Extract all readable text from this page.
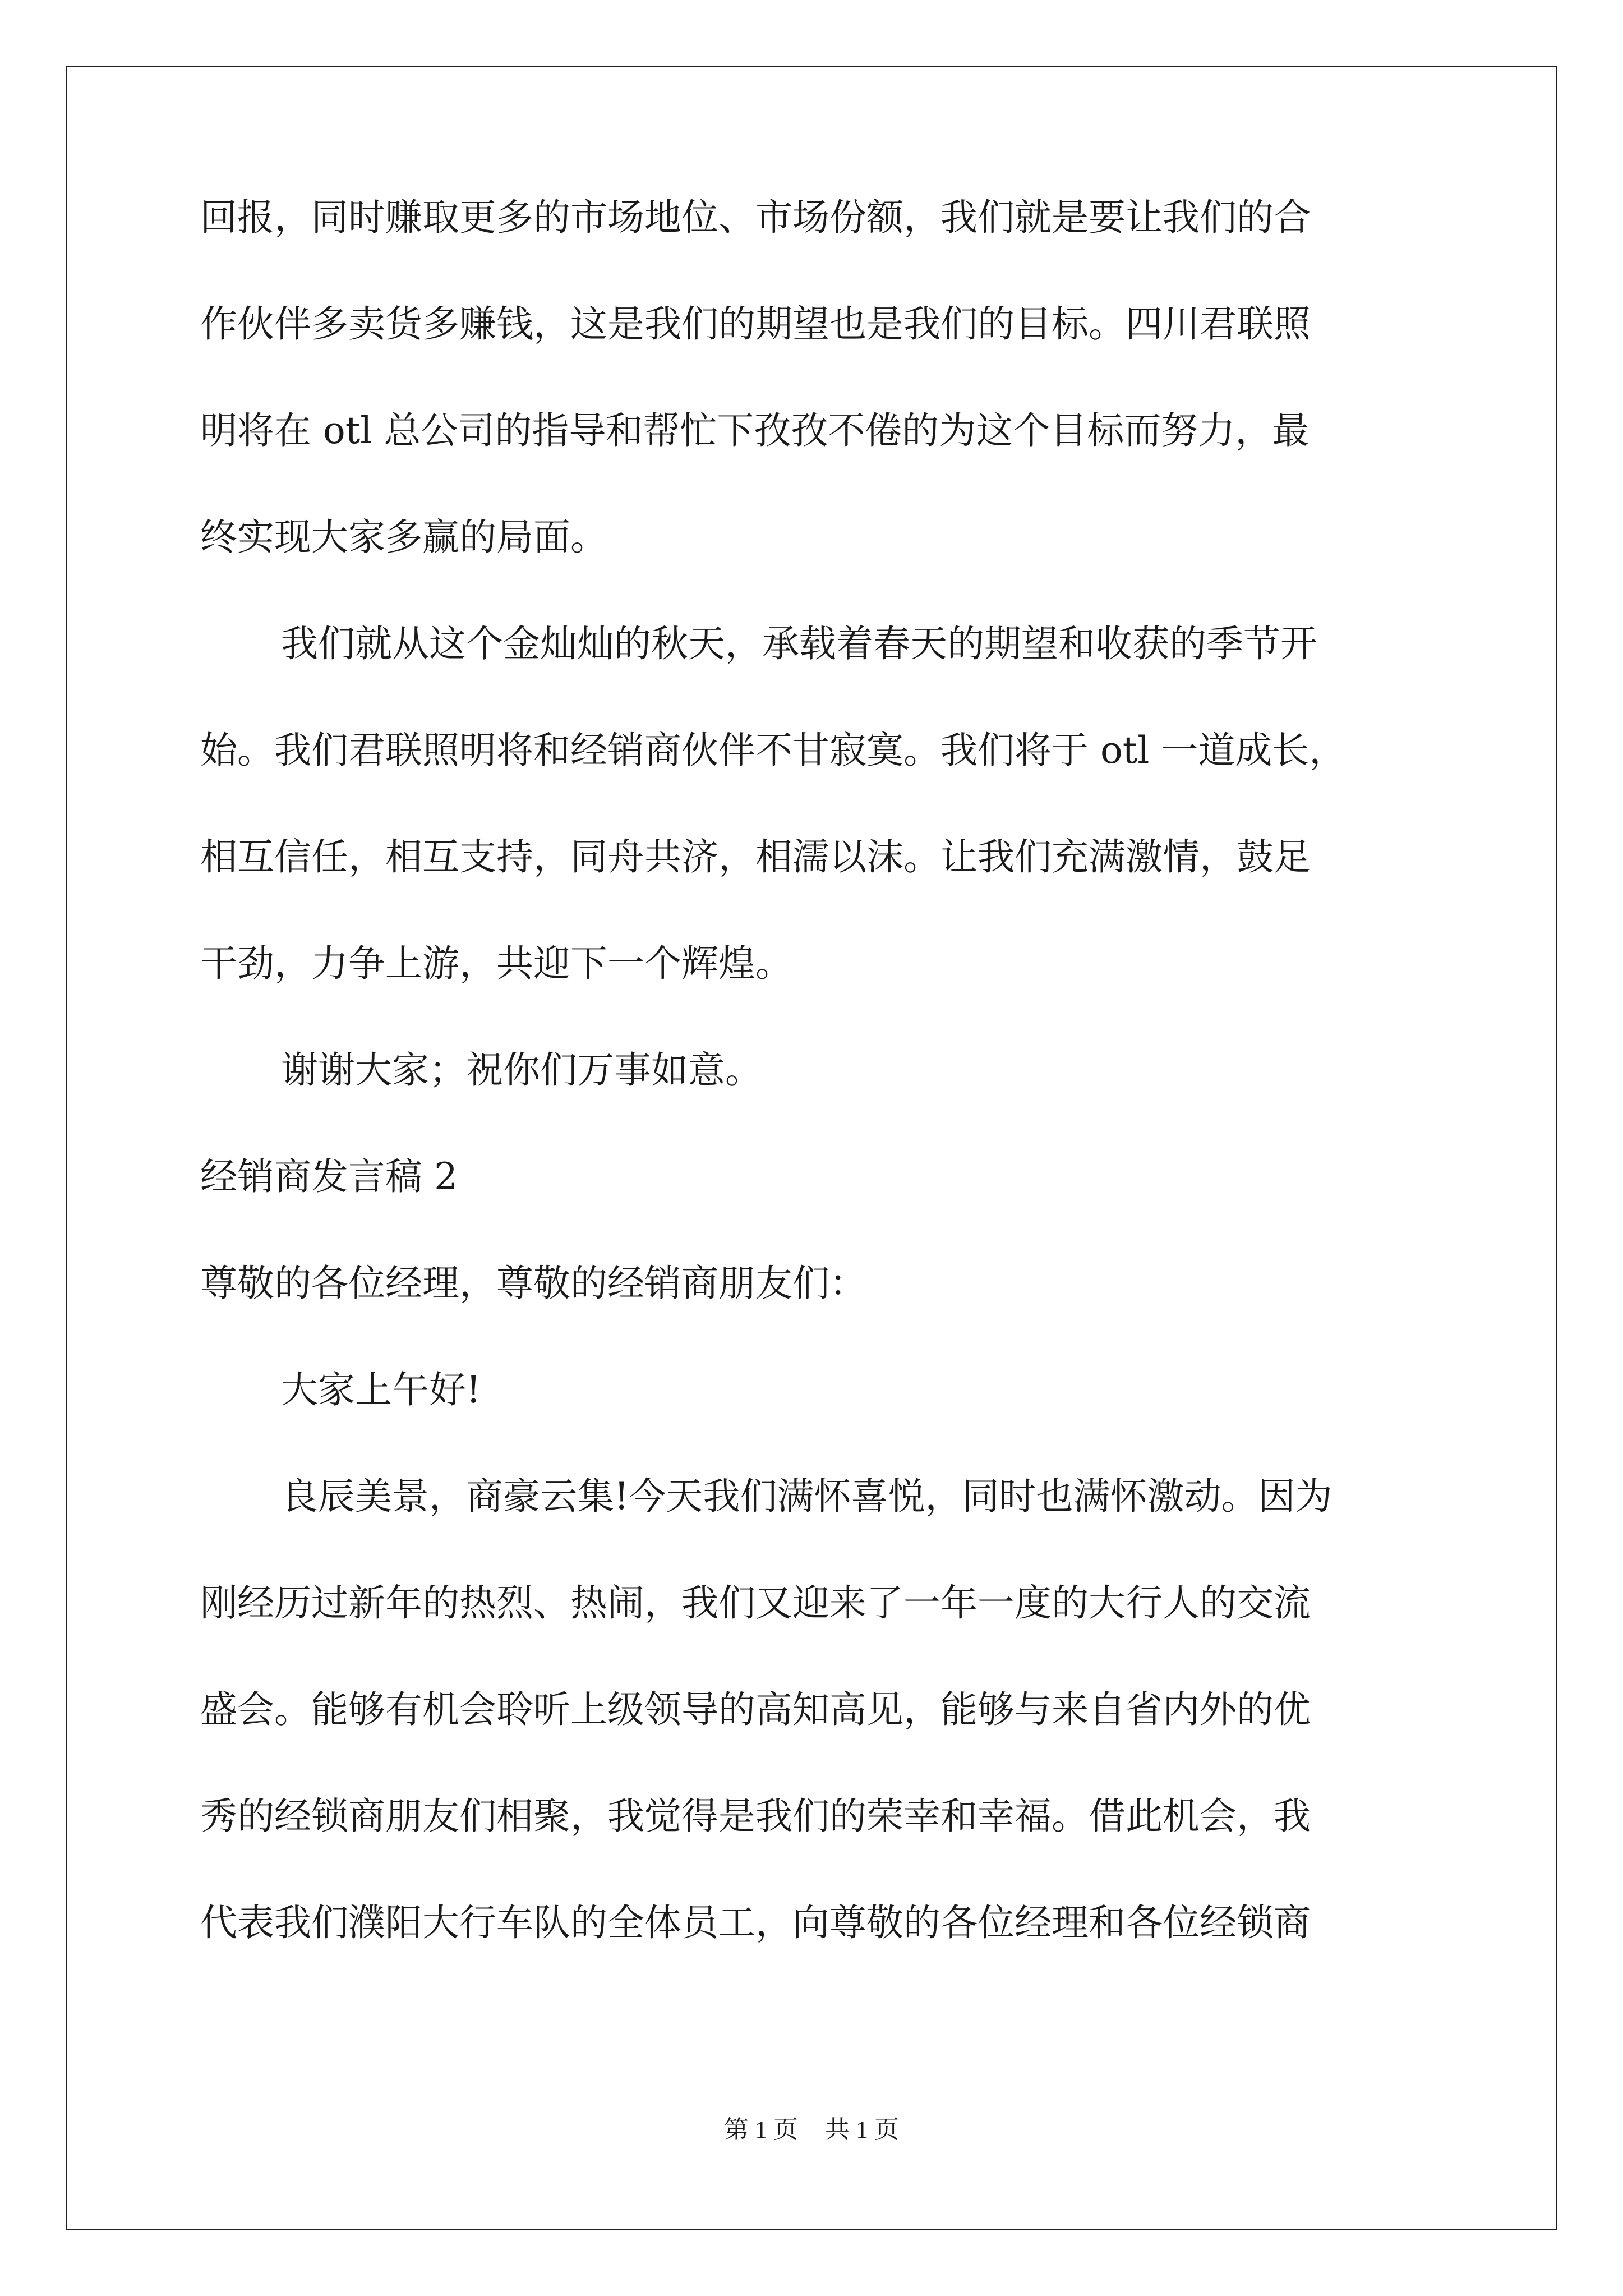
回报，同时赚取更多的市场地位、市场份额，我们就是要让我们的合
作伙伴多卖货多赚钱，这是我们的期望也是我们的目标。四川君联照
明将在 otl 总公司的指导和帮忙下孜孜不倦的为这个目标而努力，最
终实现大家多赢的局面。
我们就从这个金灿灿的秋天，承载着春天的期望和收获的季节开
始。我们君联照明将和经销商伙伴不甘寂寞。我们将于 otl 一道成长，
相互信任，相互支持，同舟共济，相濡以沫。让我们充满激情，鼓足
干劲，力争上游，共迎下一个辉煌。
谢谢大家；祝你们万事如意。
经销商发言稿 2
尊敬的各位经理，尊敬的经销商朋友们：
大家上午好!
良辰美景，商豪云集!今天我们满怀喜悦，同时也满怀激动。因为
刚经历过新年的热烈、热闹，我们又迎来了一年一度的大行人的交流
盛会。能够有机会聆听上级领导的高知高见，能够与来自省内外的优
秀的经锁商朋友们相聚，我觉得是我们的荣幸和幸福。借此机会，我
代表我们濮阳大行车队的全体员工，向尊敬的各位经理和各位经锁商
第 1 页 共 1 页
